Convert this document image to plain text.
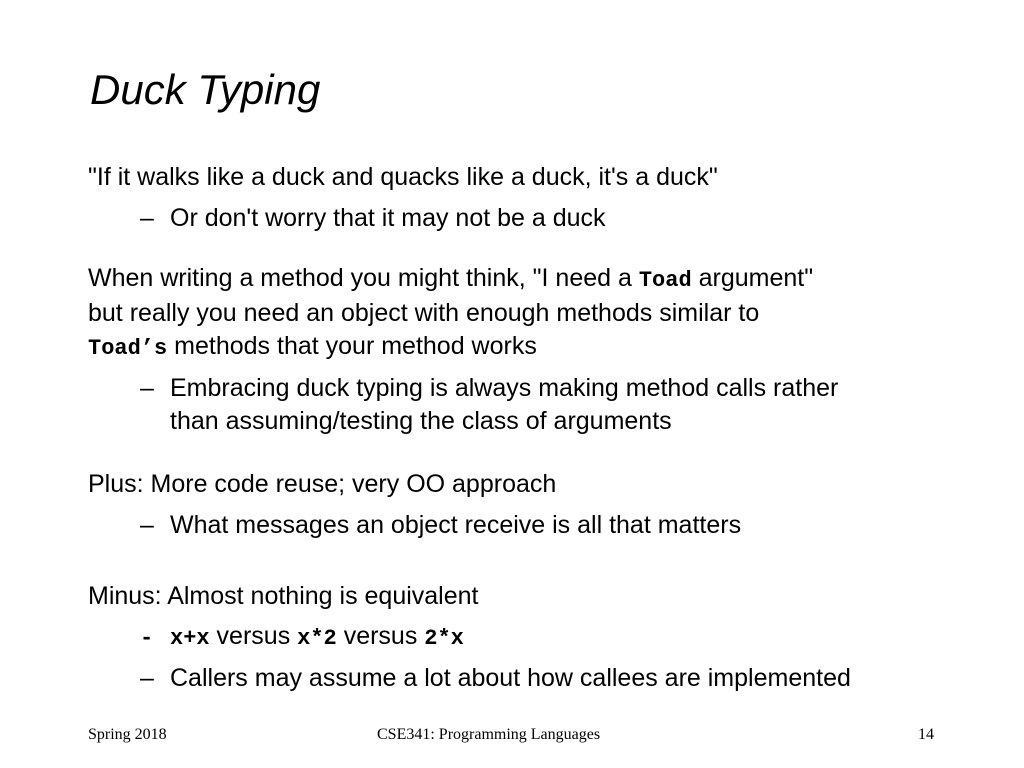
Duck Typing

"If it walks like a duck and quacks like a duck, it's a duck"

– Or don't worry that it may not be a duck

When writing a method you might think, "I need a Toad argument"

but really you need an object with enough methods similar to

Toad’s methods that your method works

– Embracing duck typing is always making method calls rather
than assuming/testing the class of arguments

Plus: More code reuse; very OO approach

– What messages an object receive is all that matters

Minus: Almost nothing is equivalent

- x+x versus x*2 versus 2*x

– Callers may assume a lot about how callees are implemented

Spring 2018	CSE341: Programming Languages	14
